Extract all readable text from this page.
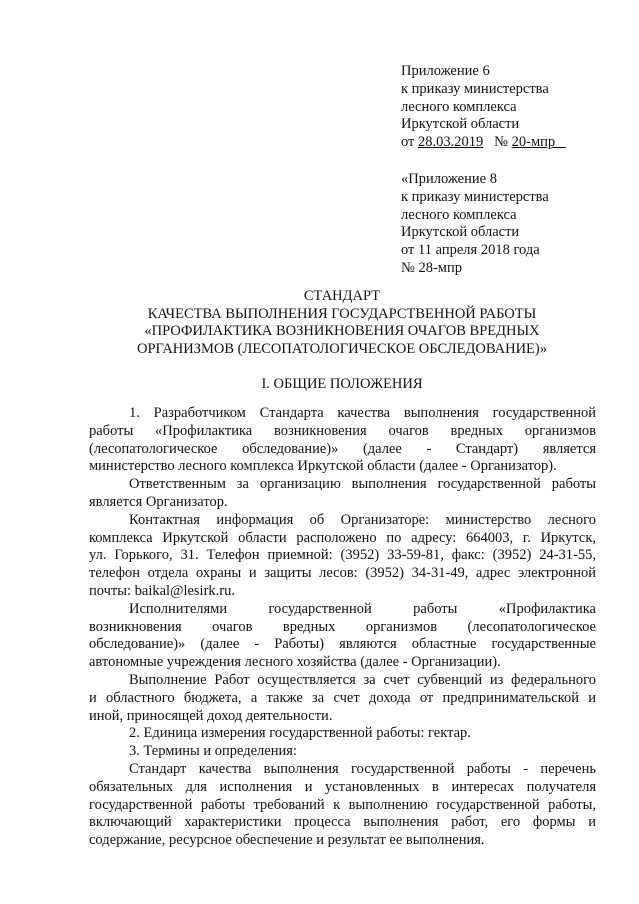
Приложение 6
к приказу министерства
лесного комплекса
Иркутской области
от 28.03.2019 № 20-мпр
«Приложение 8
к приказу министерства
лесного комплекса
Иркутской области
от 11 апреля 2018 года
№ 28-мпр
СТАНДАРТ
КАЧЕСТВА ВЫПОЛНЕНИЯ ГОСУДАРСТВЕННОЙ РАБОТЫ
«ПРОФИЛАКТИКА ВОЗНИКНОВЕНИЯ ОЧАГОВ ВРЕДНЫХ
ОРГАНИЗМОВ (ЛЕСОПАТОЛОГИЧЕСКОЕ ОБСЛЕДОВАНИЕ)»
I. ОБЩИЕ ПОЛОЖЕНИЯ
1. Разработчиком Стандарта качества выполнения государственной
работы «Профилактика возникновения очагов вредных организмов
(лесопатологическое обследование)» (далее - Стандарт) является
министерство лесного комплекса Иркутской области (далее - Организатор).
Ответственным за организацию выполнения государственной работы
является Организатор.
Контактная информация об Организаторе: министерство лесного
комплекса Иркутской области расположено по адресу: 664003, г. Иркутск,
ул. Горького, 31. Телефон приемной: (3952) 33-59-81, факс: (3952) 24-31-55,
телефон отдела охраны и защиты лесов: (3952) 34-31-49, адрес электронной
почты: baikal@lesirk.ru.
Исполнителями государственной работы «Профилактика
возникновения очагов вредных организмов (лесопатологическое
обследование)» (далее - Работы) являются областные государственные
автономные учреждения лесного хозяйства (далее - Организации).
Выполнение Работ осуществляется за счет субвенций из федерального
и областного бюджета, а также за счет дохода от предпринимательской и
иной, приносящей доход деятельности.
2. Единица измерения государственной работы: гектар.
3. Термины и определения:
Стандарт качества выполнения государственной работы - перечень
обязательных для исполнения и установленных в интересах получателя
государственной работы требований к выполнению государственной работы,
включающий характеристики процесса выполнения работ, его формы и
содержание, ресурсное обеспечение и результат ее выполнения.
